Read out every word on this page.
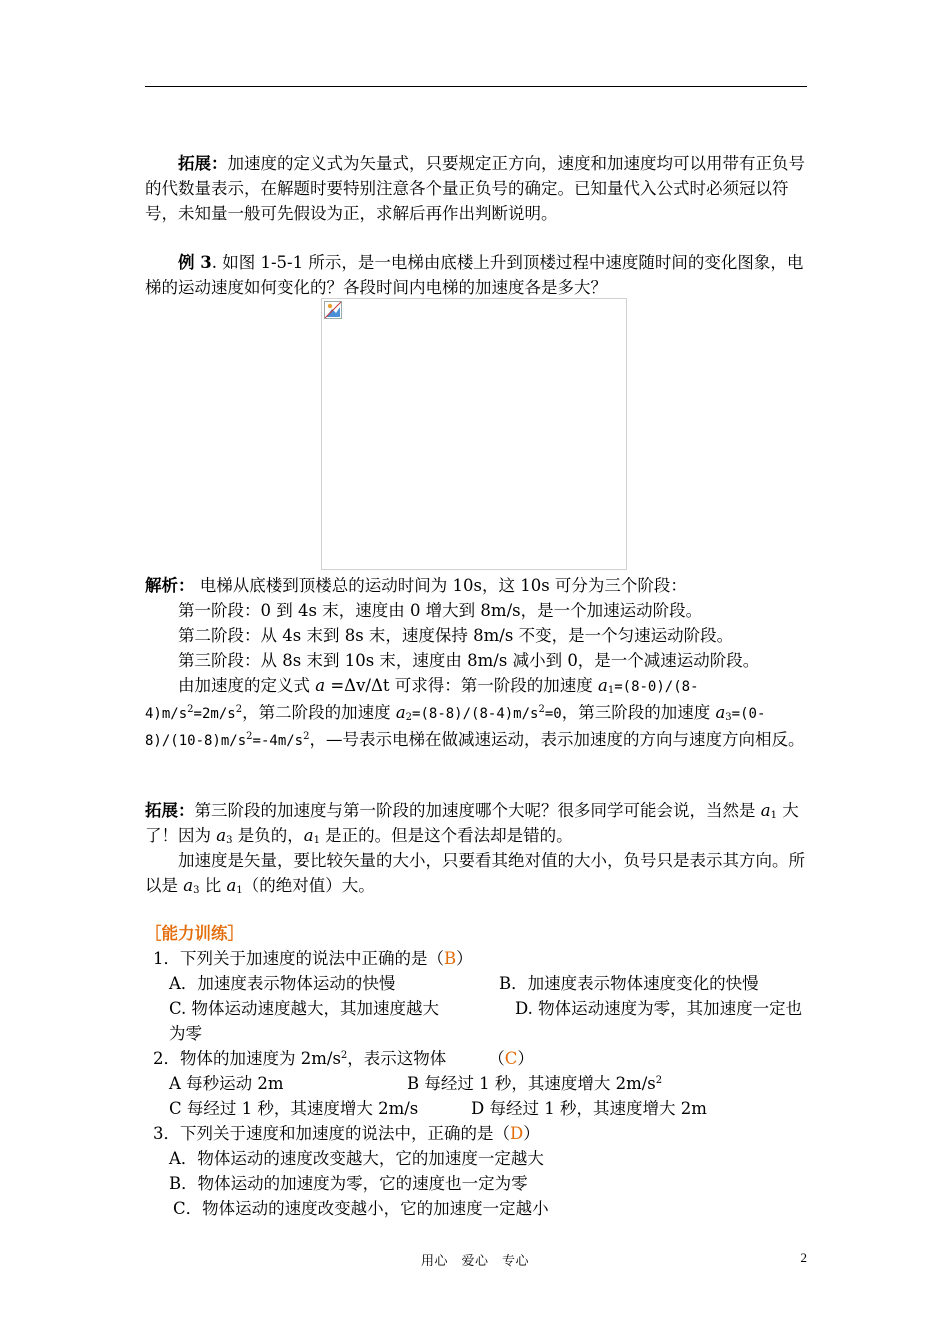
拓展：加速度的定义式为矢量式，只要规定正方向，速度和加速度均可以用带有正负号的代数量表示，在解题时要特别注意各个量正负号的确定。已知量代入公式时必须冠以符号，未知量一般可先假设为正，求解后再作出判断说明。

例 3. 如图 1-5-1 所示，是一电梯由底楼上升到顶楼过程中速度随时间的变化图象，电梯的运动速度如何变化的？各段时间内电梯的加速度各是多大？

解析： 电梯从底楼到顶楼总的运动时间为 10s，这 10s 可分为三个阶段：

第一阶段：0 到 4s 末，速度由 0 增大到 8m/s，是一个加速运动阶段。

第二阶段：从 4s 末到 8s 末，速度保持 8m/s 不变，是一个匀速运动阶段。

第三阶段：从 8s 末到 10s 末，速度由 8m/s 减小到 0，是一个减速运动阶段。

由加速度的定义式 a =Δv/Δt 可求得：第一阶段的加速度 $a_1=(8-0)/(8-4)m/s^2=2m/s^2$，第二阶段的加速度 $a_2=(8-8)/(8-4)m/s^2=0$，第三阶段的加速度 $a_3=(0-8)/(10-8)m/s^2=-4m/s^2$，—号表示电梯在做减速运动，表示加速度的方向与速度方向相反。

拓展：第三阶段的加速度与第一阶段的加速度哪个大呢？很多同学可能会说，当然是 $a_1$ 大了！因为 $a_3$ 是负的，$a_1$ 是正的。但是这个看法却是错的。

加速度是矢量，要比较矢量的大小，只要看其绝对值的大小，负号只是表示其方向。所以是 $a_3$ 比 $a_1$（的绝对值）大。

［能力训练］

1．下列关于加速度的说法中正确的是（B）

A．加速度表示物体运动的快慢	B．加速度表示物体速度变化的快慢

C. 物体运动速度越大，其加速度越大	D. 物体运动速度为零，其加速度一定也为零

2．物体的加速度为 $2m/s^2$，表示这物体	（C）

A 每秒运动 2m	B 每经过 1 秒，其速度增大 $2m/s^2$

C 每经过 1 秒，其速度增大 2m/s	D 每经过 1 秒，其速度增大 2m

3．下列关于速度和加速度的说法中，正确的是（D）

A．物体运动的速度改变越大，它的加速度一定越大

B．物体运动的加速度为零，它的速度也一定为零

C．物体运动的速度改变越小，它的加速度一定越小

用心　爱心　专心	2
